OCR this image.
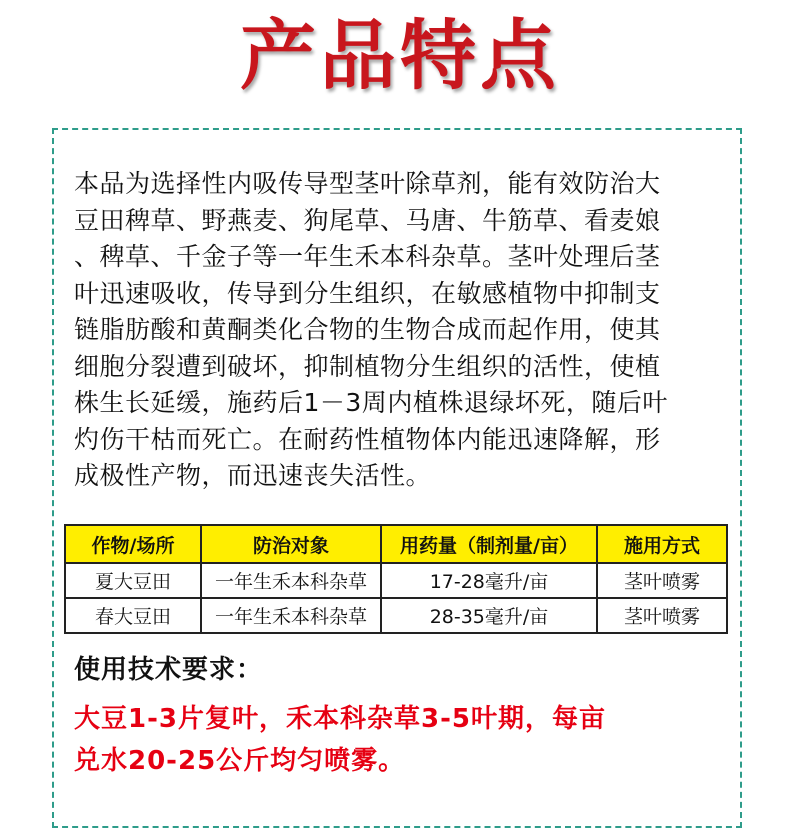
产品特点
本品为选择性内吸传导型茎叶除草剂，能有效防治大
豆田稗草、野燕麦、狗尾草、马唐、牛筋草、看麦娘
、稗草、千金子等一年生禾本科杂草。茎叶处理后茎
叶迅速吸收，传导到分生组织，在敏感植物中抑制支
链脂肪酸和黄酮类化合物的生物合成而起作用，使其
细胞分裂遭到破坏，抑制植物分生组织的活性，使植
株生长延缓，施药后1－3周内植株退绿坏死，随后叶
灼伤干枯而死亡。在耐药性植物体内能迅速降解，形
成极性产物，而迅速丧失活性。
作物/场所	防治对象	用药量（制剂量/亩）	施用方式
夏大豆田	一年生禾本科杂草	17-28毫升/亩	茎叶喷雾
春大豆田	一年生禾本科杂草	28-35毫升/亩	茎叶喷雾
使用技术要求：
大豆1-3片复叶，禾本科杂草3-5叶期，每亩
兑水20-25公斤均匀喷雾。
